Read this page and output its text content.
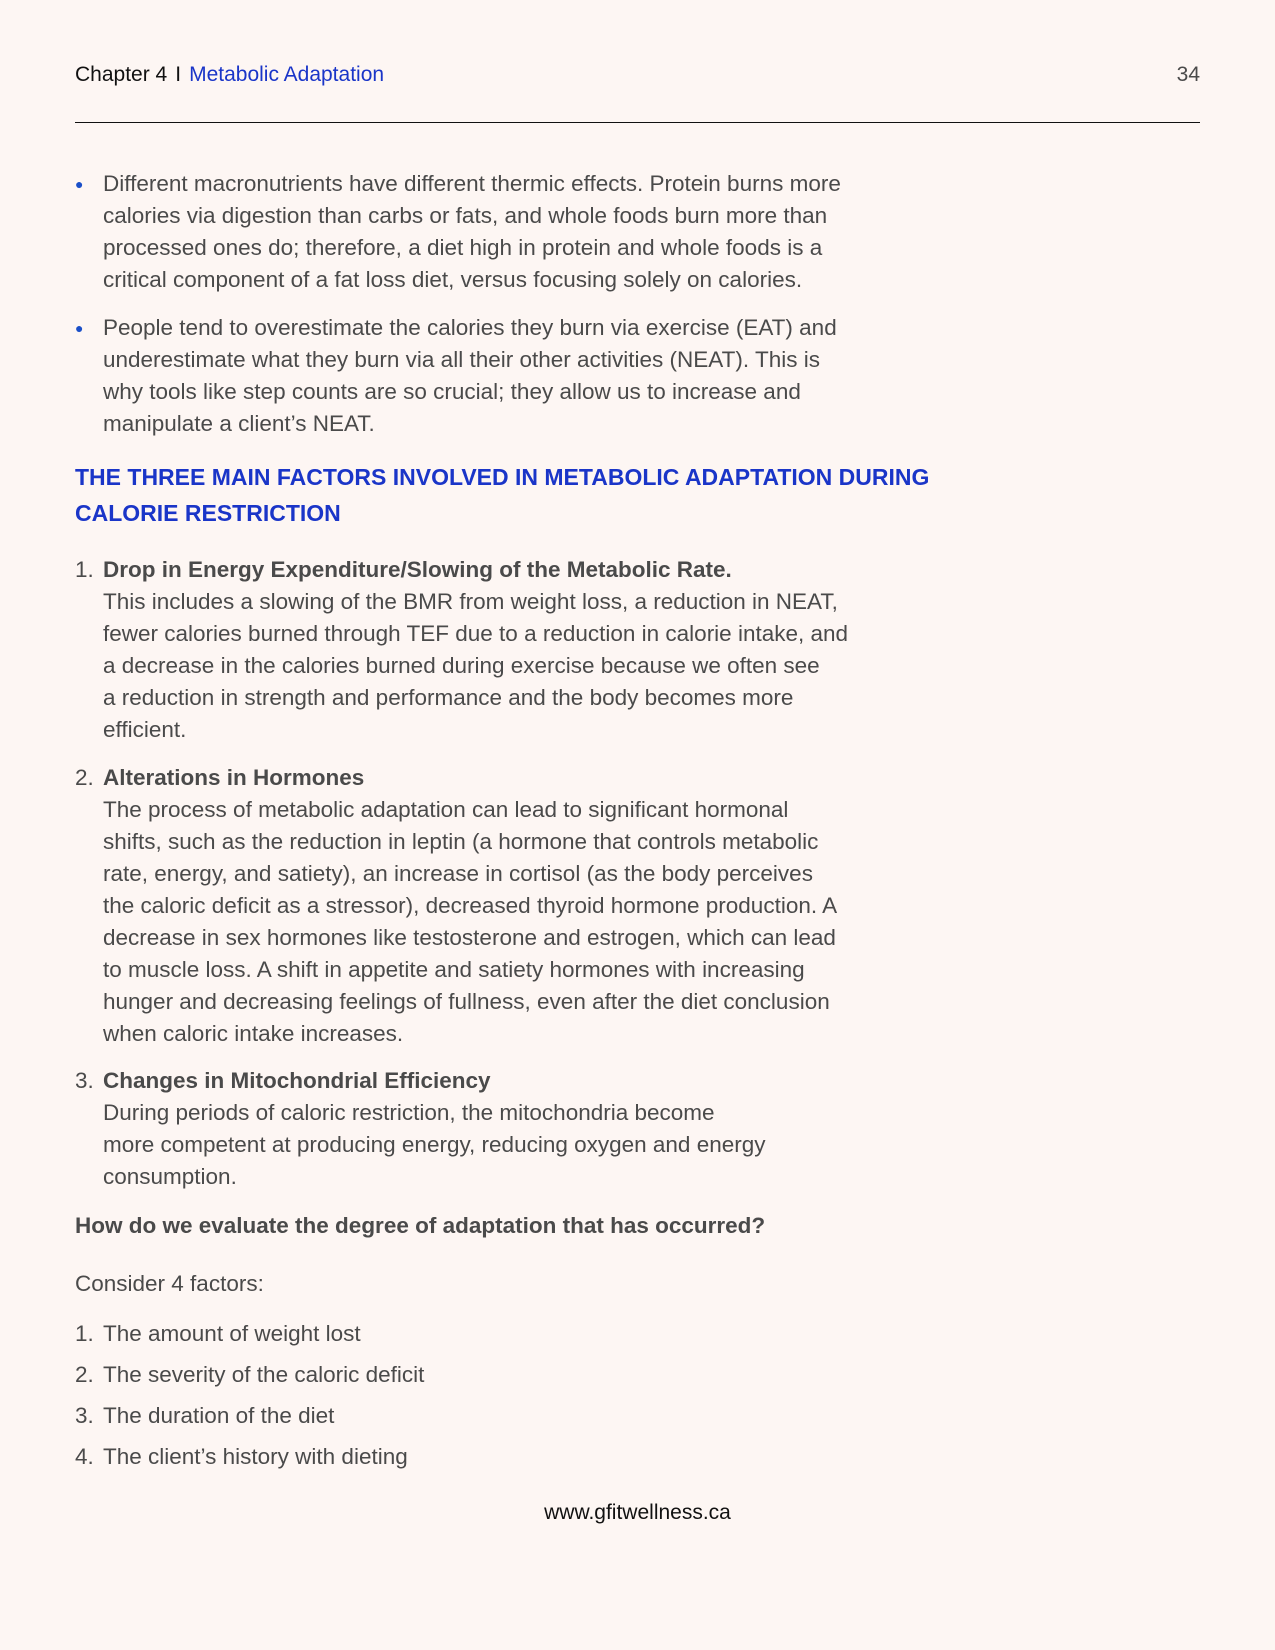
Chapter 4 I Metabolic Adaptation	34
● Different macronutrients have different thermic effects. Protein burns more
calories via digestion than carbs or fats, and whole foods burn more than
processed ones do; therefore, a diet high in protein and whole foods is a
critical component of a fat loss diet, versus focusing solely on calories.
● People tend to overestimate the calories they burn via exercise (EAT) and
underestimate what they burn via all their other activities (NEAT). This is
why tools like step counts are so crucial; they allow us to increase and
manipulate a client’s NEAT.
THE THREE MAIN FACTORS INVOLVED IN METABOLIC ADAPTATION DURING
CALORIE RESTRICTION
1. Drop in Energy Expenditure/Slowing of the Metabolic Rate.
This includes a slowing of the BMR from weight loss, a reduction in NEAT,
fewer calories burned through TEF due to a reduction in calorie intake, and
a decrease in the calories burned during exercise because we often see
a reduction in strength and performance and the body becomes more
efficient.
2. Alterations in Hormones
The process of metabolic adaptation can lead to significant hormonal
shifts, such as the reduction in leptin (a hormone that controls metabolic
rate, energy, and satiety), an increase in cortisol (as the body perceives
the caloric deficit as a stressor), decreased thyroid hormone production. A
decrease in sex hormones like testosterone and estrogen, which can lead
to muscle loss. A shift in appetite and satiety hormones with increasing
hunger and decreasing feelings of fullness, even after the diet conclusion
when caloric intake increases.
3. Changes in Mitochondrial Efficiency
During periods of caloric restriction, the mitochondria become
more competent at producing energy, reducing oxygen and energy
consumption.
How do we evaluate the degree of adaptation that has occurred?
Consider 4 factors:
1. The amount of weight lost
2. The severity of the caloric deficit
3. The duration of the diet
4. The client’s history with dieting
www.gfitwellness.ca
